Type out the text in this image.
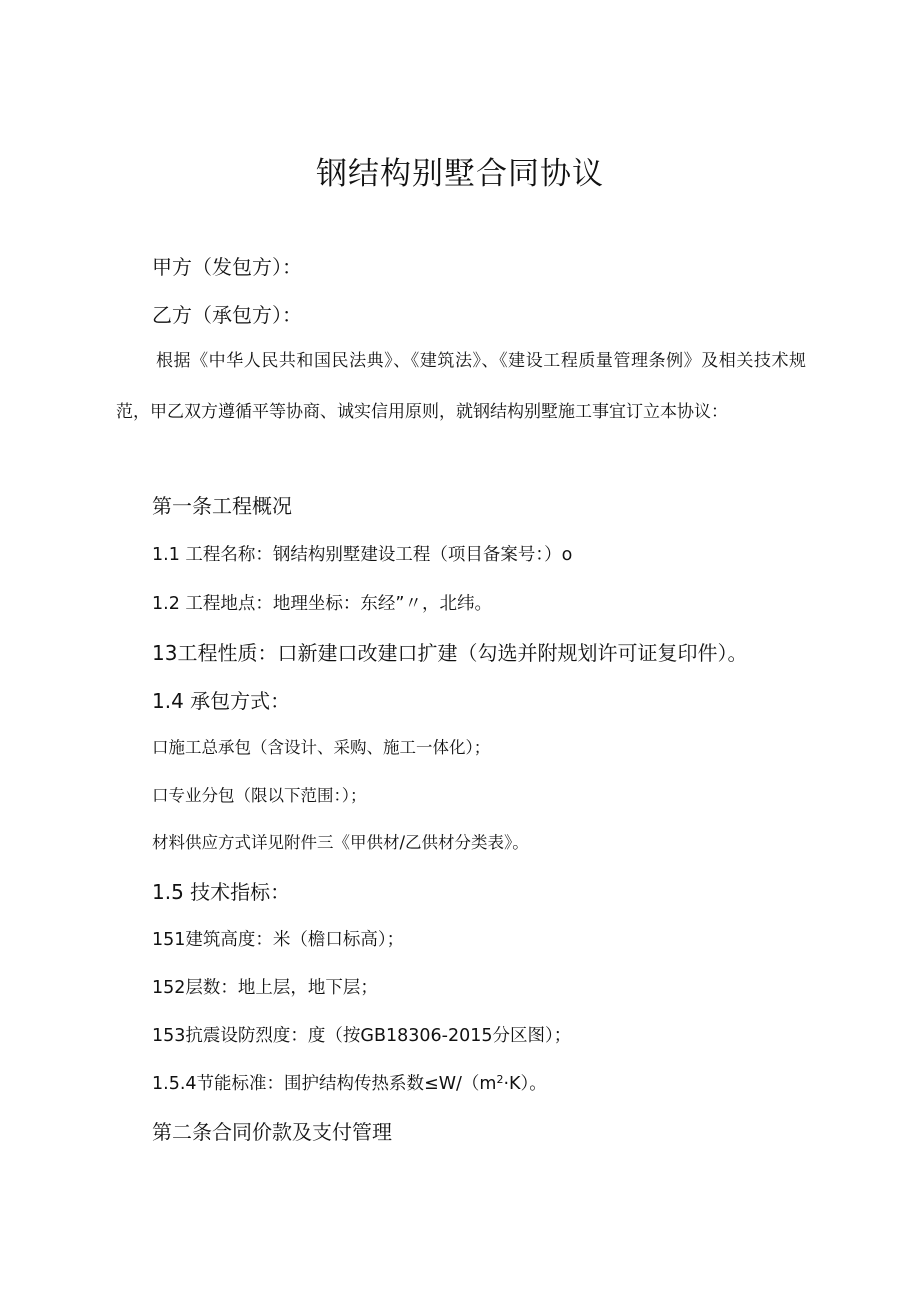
钢结构别墅合同协议
甲方（发包方）：
乙方（承包方）：
根据《中华人民共和国民法典》、《建筑法》、《建设工程质量管理条例》及相关技术规范，甲乙双方遵循平等协商、诚实信用原则，就钢结构别墅施工事宜订立本协议：
第一条工程概况
1.1 工程名称：钢结构别墅建设工程（项目备案号：）o
1.2 工程地点：地理坐标：东经”〃，北纬。
13工程性质：口新建口改建口扩建（勾选并附规划许可证复印件）。
1.4 承包方式：
口施工总承包（含设计、采购、施工一体化）；
口专业分包（限以下范围：）；
材料供应方式详见附件三《甲供材/乙供材分类表》。
1.5 技术指标：
151建筑高度：米（檐口标高）；
152层数：地上层，地下层；
153抗震设防烈度：度（按GB18306-2015分区图）；
1.5.4节能标准：围护结构传热系数$\le W/(m^2\cdot K)$。
第二条合同价款及支付管理
